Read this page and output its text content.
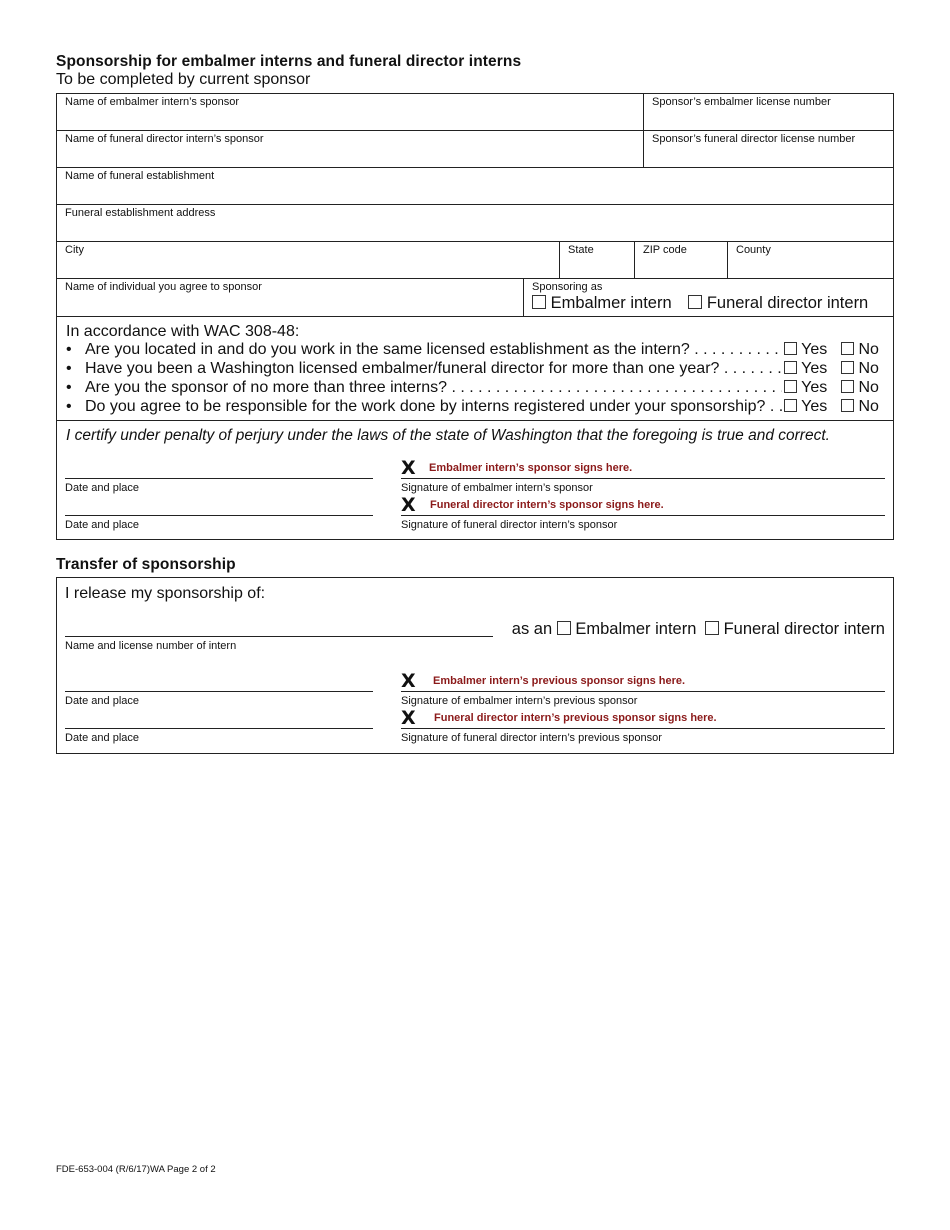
Sponsorship for embalmer interns and funeral director interns
To be completed by current sponsor
Name of embalmer intern’s sponsor	Sponsor’s embalmer license number
Name of funeral director intern’s sponsor	Sponsor’s funeral director license number
Name of funeral establishment
Funeral establishment address
City	State	ZIP code	County
Name of individual you agree to sponsor	Sponsoring as
Embalmer intern Funeral director intern
In accordance with WAC 308-48:
• Are you located in and do you work in the same licensed establishment as the intern? . . .	Yes	No
• Have you been a Washington licensed embalmer/funeral director for more than one year? . . .	Yes	No
• Are you the sponsor of no more than three interns? . . .	Yes	No
• Do you agree to be responsible for the work done by interns registered under your sponsorship? . . .	Yes	No
I certify under penalty of perjury under the laws of the state of Washington that the foregoing is true and correct.
Date and place
X Embalmer intern’s sponsor signs here.
Signature of embalmer intern’s sponsor
Date and place
X Funeral director intern’s sponsor signs here.
Signature of funeral director intern’s sponsor
Transfer of sponsorship
I release my sponsorship of:
Name and license number of intern
as an Embalmer intern Funeral director intern
Date and place
X Embalmer intern’s previous sponsor signs here.
Signature of embalmer intern’s previous sponsor
Date and place
X Funeral director intern’s previous sponsor signs here.
Signature of funeral director intern’s previous sponsor
FDE-653-004 (R/6/17)WA Page 2 of 2
